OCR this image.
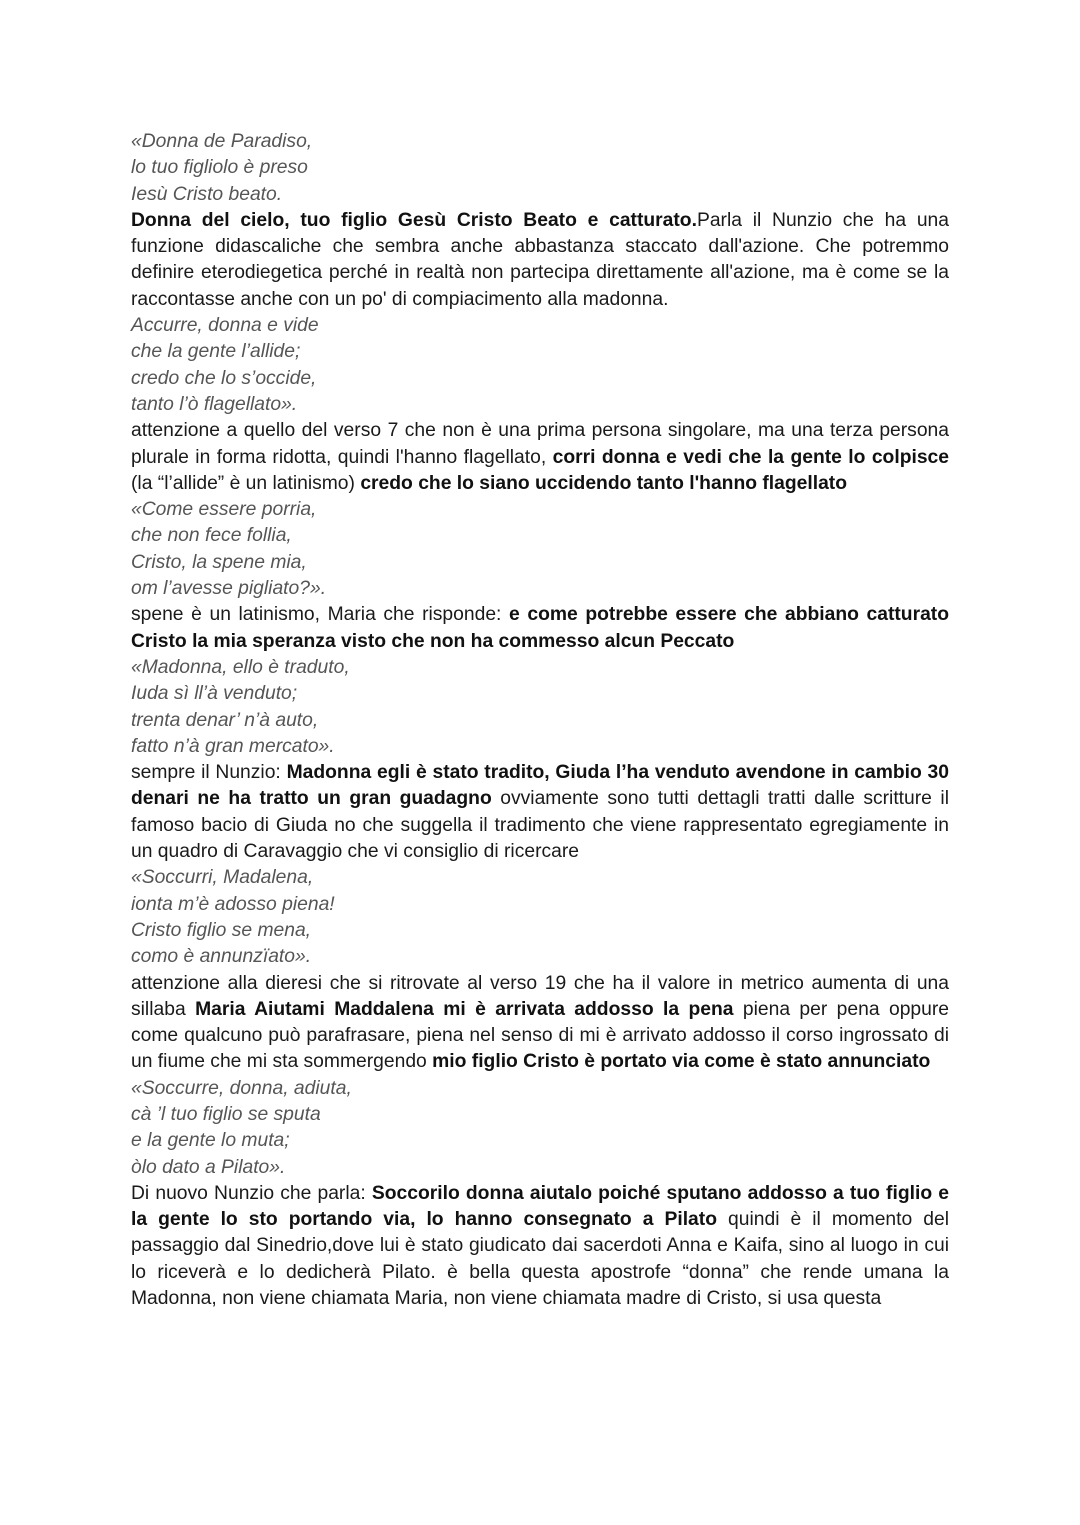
«Donna de Paradiso,
lo tuo figliolo è preso
Iesù Cristo beato.

Donna del cielo, tuo figlio Gesù Cristo Beato e catturato.Parla il Nunzio che ha una funzione didascaliche che sembra anche abbastanza staccato dall'azione. Che potremmo definire eterodiegetica perché in realtà non partecipa direttamente all'azione, ma è come se la raccontasse anche con un po' di compiacimento alla madonna.

Accurre, donna e vide
che la gente l’allide;
credo che lo s’occide,
tanto l’ò flagellato».

attenzione a quello del verso 7 che non è una prima persona singolare, ma una terza persona plurale in forma ridotta, quindi l'hanno flagellato, corri donna e vedi che la gente lo colpisce (la “l’allide” è un latinismo) credo che lo siano uccidendo tanto l'hanno flagellato

«Come essere porria,
che non fece follia,
Cristo, la spene mia,
om l’avesse pigliato?».

spene è un latinismo, Maria che risponde: e come potrebbe essere che abbiano catturato Cristo la mia speranza visto che non ha commesso alcun Peccato

«Madonna, ello è traduto,
Iuda sì ll’à venduto;
trenta denar’ n’à auto,
fatto n’à gran mercato».

sempre il Nunzio: Madonna egli è stato tradito, Giuda l’ha venduto avendone in cambio 30 denari ne ha tratto un gran guadagno ovviamente sono tutti dettagli tratti dalle scritture il famoso bacio di Giuda no che suggella il tradimento che viene rappresentato egregiamente in un quadro di Caravaggio che vi consiglio di ricercare

«Soccurri, Madalena,
ionta m’è adosso piena!
Cristo figlio se mena,
como è annunzïato».

attenzione alla dieresi che si ritrovate al verso 19 che ha il valore in metrico aumenta di una sillaba Maria Aiutami Maddalena mi è arrivata addosso la pena piena per pena oppure come qualcuno può parafrasare, piena nel senso di mi è arrivato addosso il corso ingrossato di un fiume che mi sta sommergendo mio figlio Cristo è portato via come è stato annunciato

«Soccurre, donna, adiuta,
cà ’l tuo figlio se sputa
e la gente lo muta;
òlo dato a Pilato».

Di nuovo Nunzio che parla: Soccorilo donna aiutalo poiché sputano addosso a tuo figlio e la gente lo sto portando via, lo hanno consegnato a Pilato quindi è il momento del passaggio dal Sinedrio,dove lui è stato giudicato dai sacerdoti Anna e Kaifa, sino al luogo in cui lo riceverà e lo dedicherà Pilato. è bella questa apostrofe “donna” che rende umana la Madonna, non viene chiamata Maria, non viene chiamata madre di Cristo, si usa questa
